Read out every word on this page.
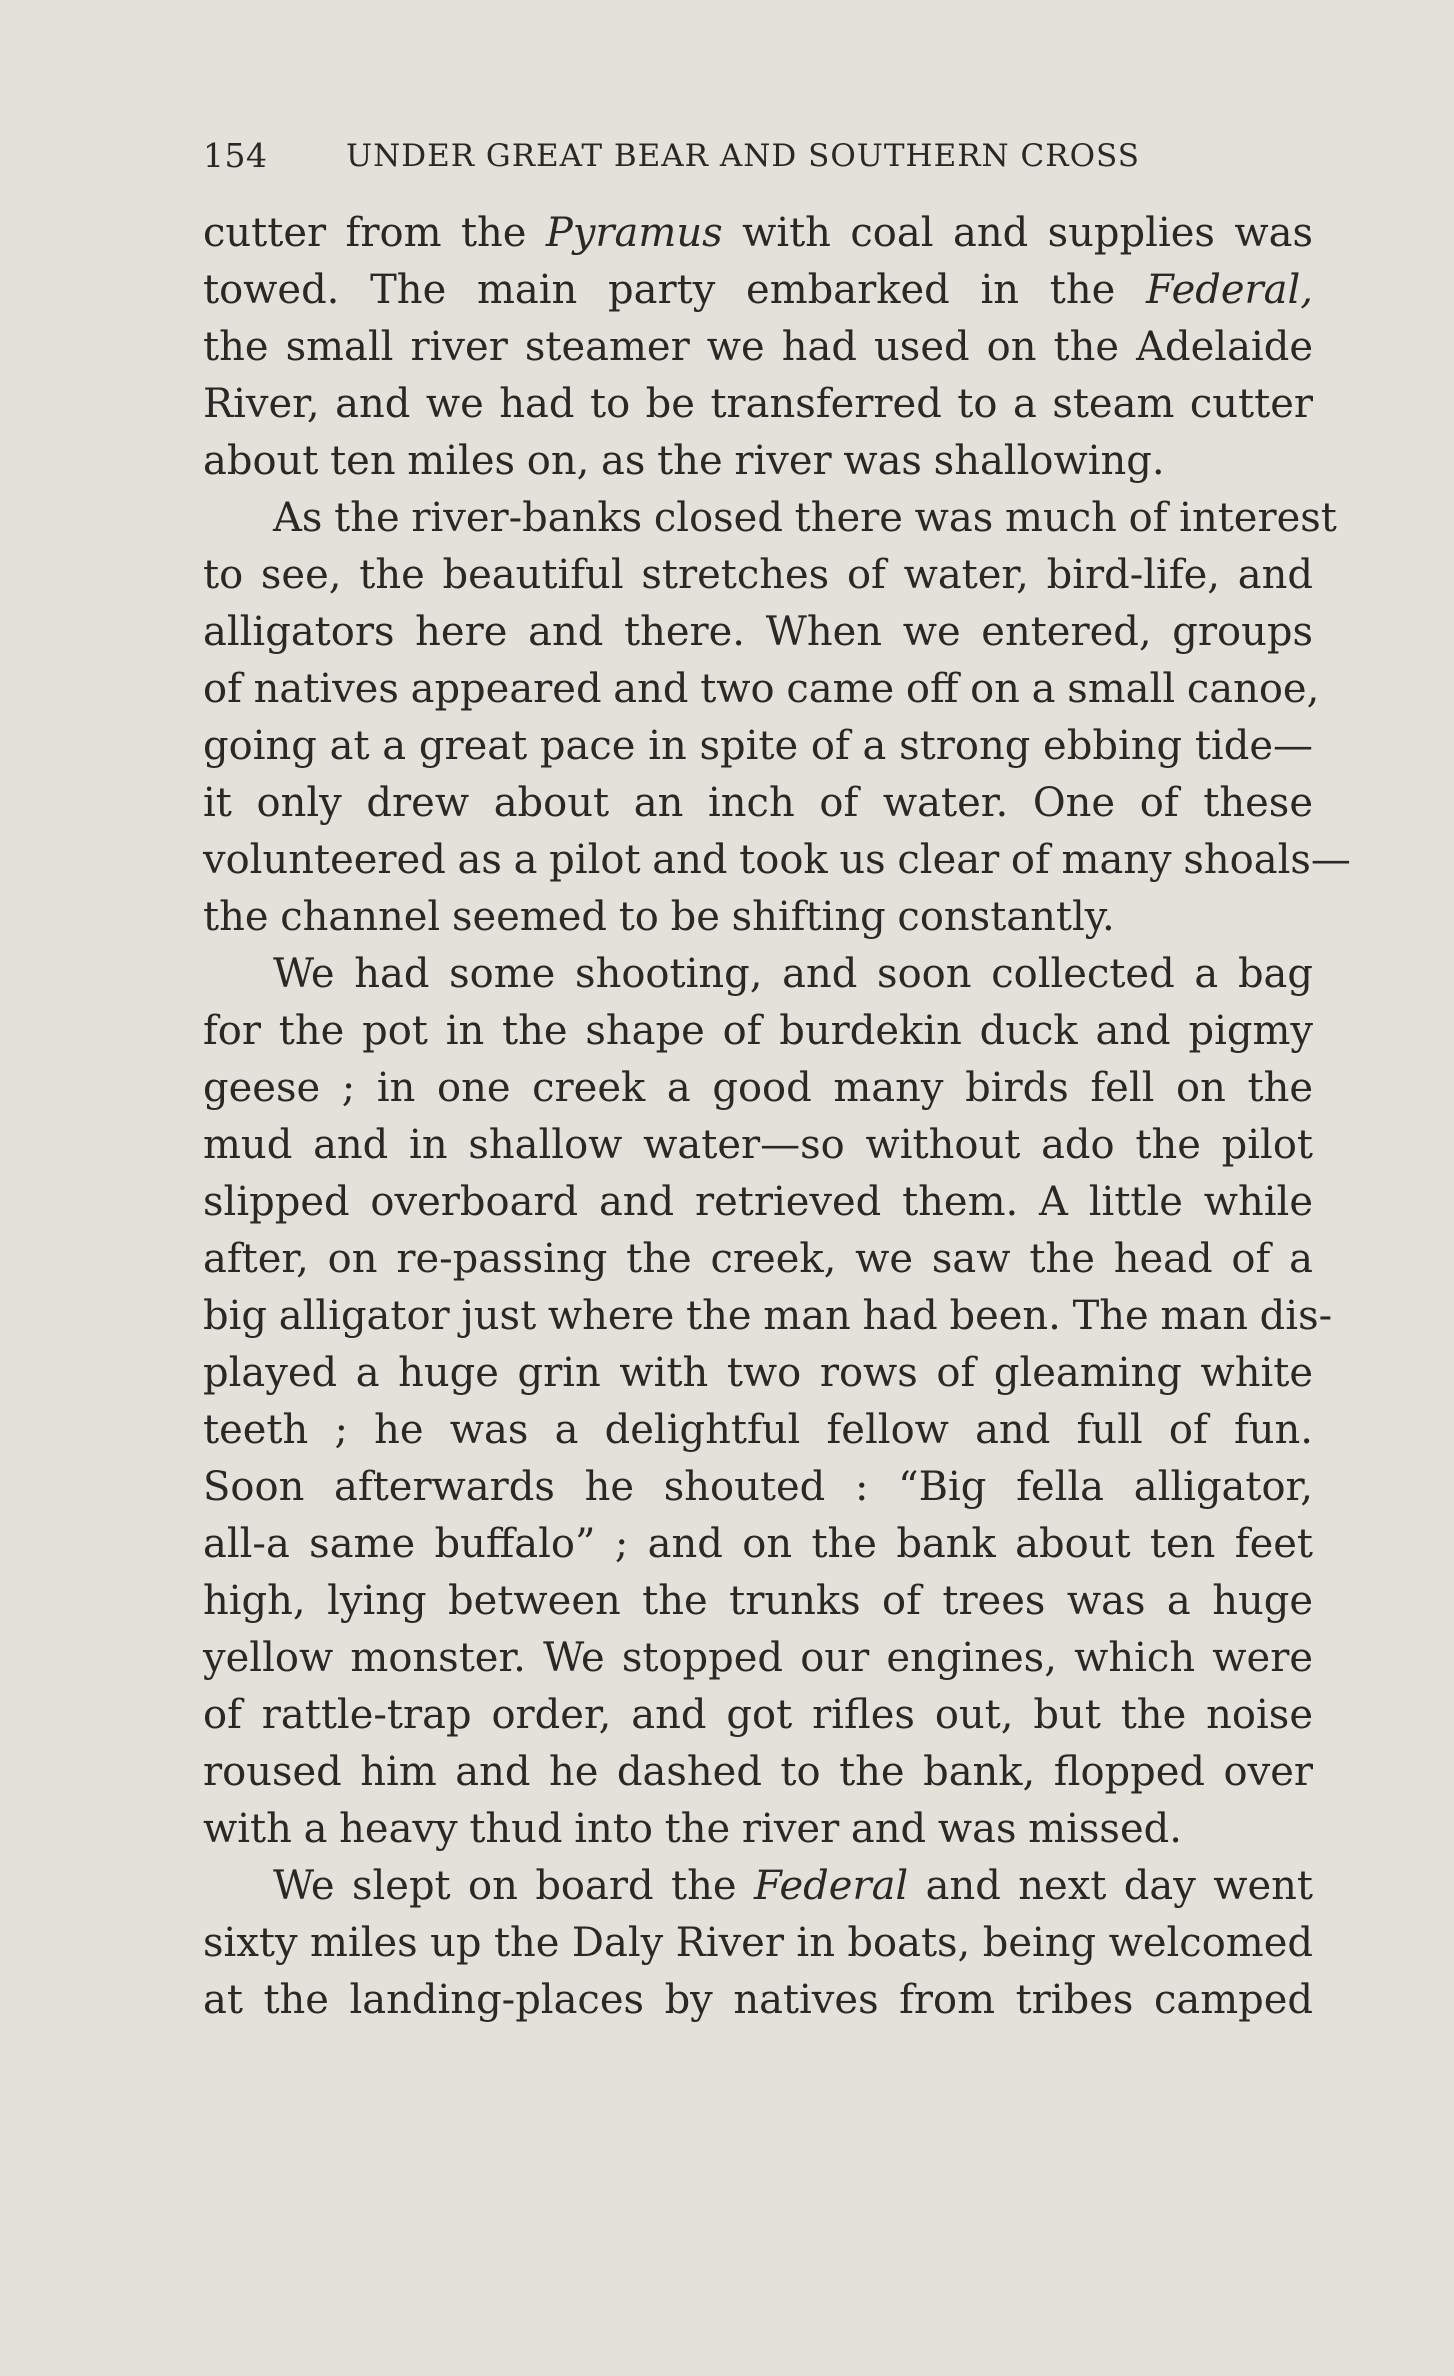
154	UNDER GREAT BEAR AND SOUTHERN CROSS
cutter from the Pyramus with coal and supplies was
towed. The main party embarked in the Federal,
the small river steamer we had used on the Adelaide
River, and we had to be transferred to a steam cutter
about ten miles on, as the river was shallowing.
As the river-banks closed there was much of interest
to see, the beautiful stretches of water, bird-life, and
alligators here and there. When we entered, groups
of natives appeared and two came off on a small canoe,
going at a great pace in spite of a strong ebbing tide—
it only drew about an inch of water. One of these
volunteered as a pilot and took us clear of many shoals—
the channel seemed to be shifting constantly.
We had some shooting, and soon collected a bag
for the pot in the shape of burdekin duck and pigmy
geese ; in one creek a good many birds fell on the
mud and in shallow water—so without ado the pilot
slipped overboard and retrieved them. A little while
after, on re-passing the creek, we saw the head of a
big alligator just where the man had been. The man dis-
played a huge grin with two rows of gleaming white
teeth ; he was a delightful fellow and full of fun.
Soon afterwards he shouted : “Big fella alligator,
all-a same buffalo” ; and on the bank about ten feet
high, lying between the trunks of trees was a huge
yellow monster. We stopped our engines, which were
of rattle-trap order, and got rifles out, but the noise
roused him and he dashed to the bank, flopped over
with a heavy thud into the river and was missed.
We slept on board the Federal and next day went
sixty miles up the Daly River in boats, being welcomed
at the landing-places by natives from tribes camped
